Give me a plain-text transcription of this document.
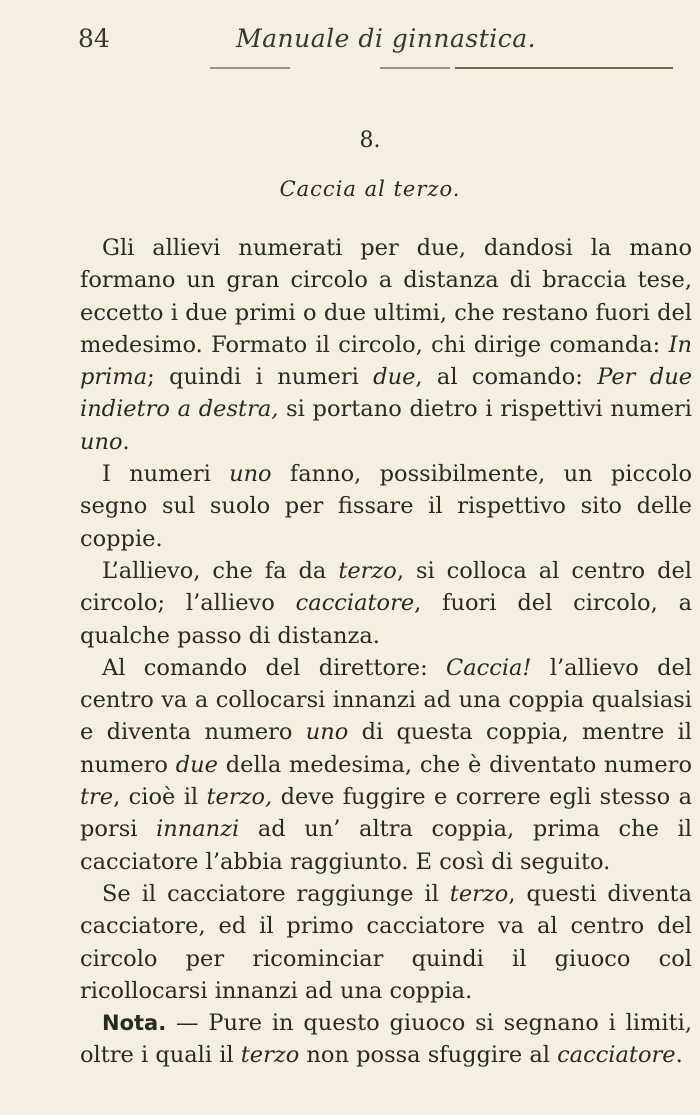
84	Manuale di ginnastica.
8.
Caccia al terzo.

Gli allievi numerati per due, dandosi la mano formano un gran circolo a distanza di braccia tese, eccetto i due primi o due ultimi, che restano fuori del medesimo. Formato il circolo, chi dirige comanda: In prima; quindi i numeri due, al comando: Per due indietro a destra, si portano dietro i rispettivi numeri uno.

I numeri uno fanno, possibilmente, un piccolo segno sul suolo per fissare il rispettivo sito delle coppie.

L’allievo, che fa da terzo, si colloca al centro del circolo; l’allievo cacciatore, fuori del circolo, a qualche passo di distanza.

Al comando del direttore: Caccia! l’allievo del centro va a collocarsi innanzi ad una coppia qualsiasi e diventa numero uno di questa coppia, mentre il numero due della medesima, che è diventato numero tre, cioè il terzo, deve fuggire e correre egli stesso a porsi innanzi ad un’ altra coppia, prima che il cacciatore l’abbia raggiunto. E così di seguito.

Se il cacciatore raggiunge il terzo, questi diventa cacciatore, ed il primo cacciatore va al centro del circolo per ricominciar quindi il giuoco col ricollocarsi innanzi ad una coppia.

Nota. — Pure in questo giuoco si segnano i limiti, oltre i quali il terzo non possa sfuggire al cacciatore.
